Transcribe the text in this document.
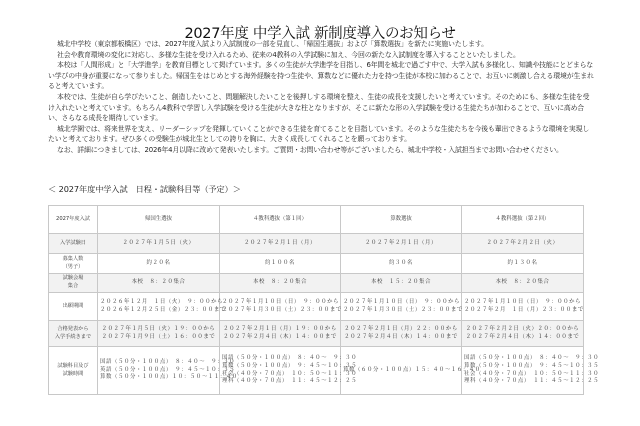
2027年度 中学入試 新制度導入のお知らせ

城北中学校（東京都板橋区）では、2027年度入試より入試制度の一部を見直し、「帰国生選抜」および「算数選抜」を新たに実施いたします。

社会や教育環境の変化に対応し、多様な生徒を受け入れるため、従来の4教科の入学試験に加え、今回の新たな入試制度を導入することといたしました。

本校は「人間形成」と「大学進学」を教育目標として掲げています。多くの生徒が大学進学を目指し、6年間を城北で過ごす中で、大学入試も多様化し、知識や技能にとどまらない学びの中身が重要になって参りました。帰国生をはじめとする海外経験を持つ生徒や、算数などに優れた力を持つ生徒が本校に加わることで、お互いに刺激し合える環境が生まれると考えています。

本校では、生徒が自ら学びたいこと、創造したいこと、問題解決したいことを後押しする環境を整え、生徒の成長を支援したいと考えています。そのためにも、多様な生徒を受け入れたいと考えています。もちろん4教科で学習し入学試験を受ける生徒が大きな柱となりますが、そこに新たな形の入学試験を受ける生徒たちが加わることで、互いに高め合い、さらなる成長を期待しています。

城北学園では、将来世界を支え、リーダーシップを発揮していくことができる生徒を育てることを目指しています。そのような生徒たちを今後も輩出できるような環境を実現したいと考えております。ぜひ多くの受験生が城北生としての誇りを胸に、大きく成長してくれることを願っております。

なお、詳細につきましては、2026年4月以降に改めて発表いたします。ご質問・お問い合わせ等がございましたら、城北中学校・入試担当までお問い合わせください。

＜ 2027年度中学入試　日程・試験科目等（予定）＞
2027年度入試	帰国生選抜	４教科選抜（第１回）	算数選抜	４教科選抜（第２回）
入学試験日	２０２７年１月５日（火）	２０２７年２月１日（月）	２０２７年２月１日（月）	２０２７年２月２日（火）

募集人数
（男子）	約２０名	約１００名	約３０名	約１３０名

試験会場
集合	本校　８：２０集合	本校　８：２０集合	本校　１５：２０集合	本校　８：２０集合
出願期間	２０２６年１２月　１日（火）　９：００から
２０２６年１２月２５日（金）２３：００まで	２０２７年１月１０日（日）　９：００から
２０２７年１月３０日（土）２３：００まで	２０２７年１月１０日（日）　９：００から
２０２７年１月３０日（土）２３：００まで	２０２７年１月１０日（日）　９：００から
２０２７年２月　１日（月）２３：００まで

合格発表から
入学手続きまで	２０２７年１月５日（火）１９：００から
２０２７年１月９日（土）１６：００まで	２０２７年２月１日（月）１９：００から
２０２７年２月４日（木）１４：００まで	２０２７年２月１日（月）２２：００から
２０２７年２月４日（木）１４：００まで	２０２７年２月２日（火）２０：００から
２０２７年２月４日（木）１４：００まで

試験科目及び
試験時間	国語（５０分・１００点）　８：４０～　９：３０
英語（５０分・１００点）　９：４５～１０：３５
算数（５０分・１００点）１０：５０～１１：４０	国語（５０分・１００点）　８：４０～　９：３０
算数（５０分・１００点）　９：４５～１０：３５
社会（４０分・７０点）　１０：５０～１１：３０
理科（４０分・７０点）　１１：４５～１２：２５	算数（６０分・１００点）１５：４０～１６：４０	国語（５０分・１００点）　８：４０～　９：３０
算数（５０分・１００点）　９：４５～１０：３５
社会（４０分・７０点）　１０：５０～１１：３０
理科（４０分・７０点）　１１：４５～１２：２５
